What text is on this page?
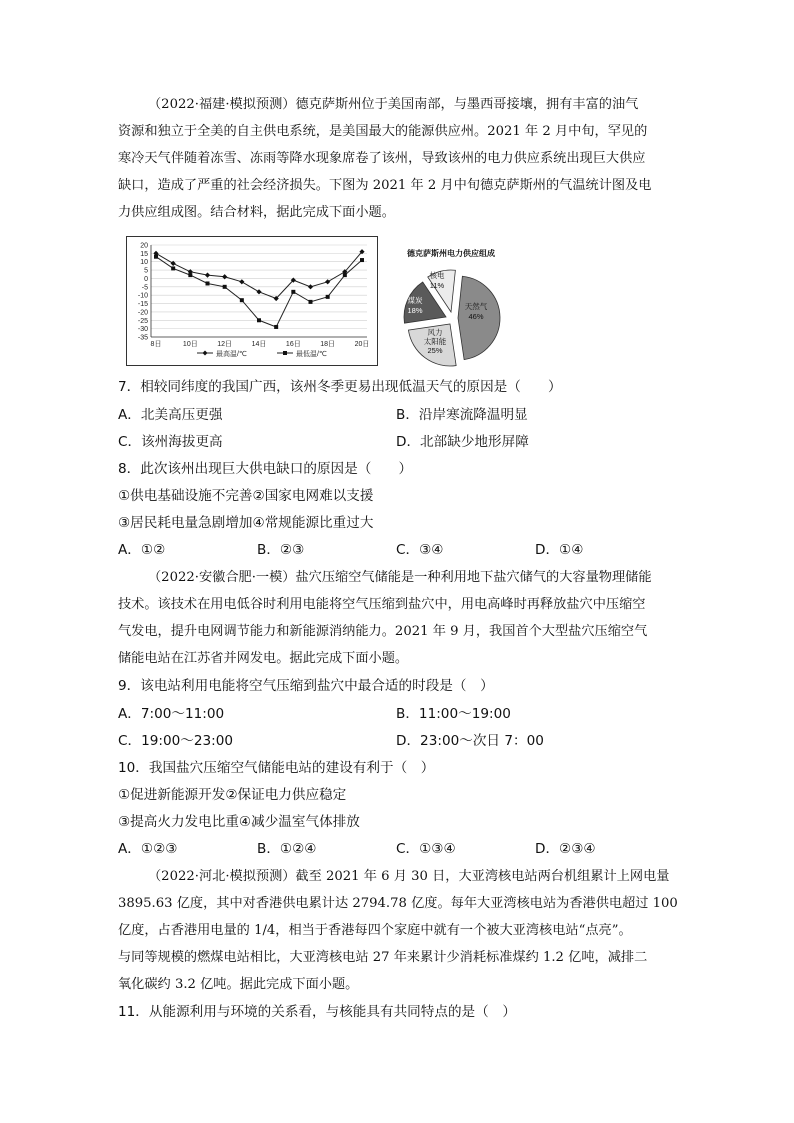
（2022·福建·模拟预测）德克萨斯州位于美国南部，与墨西哥接壤，拥有丰富的油气
资源和独立于全美的自主供电系统，是美国最大的能源供应州。2021 年 2 月中旬，罕见的
寒冷天气伴随着冻雪、冻雨等降水现象席卷了该州，导致该州的电力供应系统出现巨大供应
缺口，造成了严重的社会经济损失。下图为 2021 年 2 月中旬德克萨斯州的气温统计图及电
力供应组成图。结合材料，据此完成下面小题。
20
15
10
5
0
-5
-10
-15
-20
-25
-30
-35
8日	10日	12日	14日	16日	18日	20日
最高温/℃	最低温/℃
德克萨斯州电力供应组成
天然气
46%
风力
太阳能
25%
煤炭
18%
核电
11%
7．相较同纬度的我国广西，该州冬季更易出现低温天气的原因是（　　）
A．北美高压更强	B．沿岸寒流降温明显
C．该州海拔更高	D．北部缺少地形屏障
8．此次该州出现巨大供电缺口的原因是（　　）
①供电基础设施不完善②国家电网难以支援
③居民耗电量急剧增加④常规能源比重过大
A．①②	B．②③	C．③④	D．①④
（2022·安徽合肥·一模）盐穴压缩空气储能是一种利用地下盐穴储气的大容量物理储能
技术。该技术在用电低谷时利用电能将空气压缩到盐穴中，用电高峰时再释放盐穴中压缩空
气发电，提升电网调节能力和新能源消纳能力。2021 年 9 月，我国首个大型盐穴压缩空气
储能电站在江苏省并网发电。据此完成下面小题。
9．该电站利用电能将空气压缩到盐穴中最合适的时段是（　）
A．7:00～11:00	B．11:00～19:00
C．19:00～23:00	D．23:00～次日 7：00
10．我国盐穴压缩空气储能电站的建设有利于（　）
①促进新能源开发②保证电力供应稳定
③提高火力发电比重④减少温室气体排放
A．①②③	B．①②④	C．①③④	D．②③④
（2022·河北·模拟预测）截至 2021 年 6 月 30 日，大亚湾核电站两台机组累计上网电量
3895.63 亿度，其中对香港供电累计达 2794.78 亿度。每年大亚湾核电站为香港供电超过 100
亿度，占香港用电量的 1/4，相当于香港每四个家庭中就有一个被大亚湾核电站“点亮”。
与同等规模的燃煤电站相比，大亚湾核电站 27 年来累计少消耗标准煤约 1.2 亿吨，减排二
氧化碳约 3.2 亿吨。据此完成下面小题。
11．从能源利用与环境的关系看，与核能具有共同特点的是（　）
